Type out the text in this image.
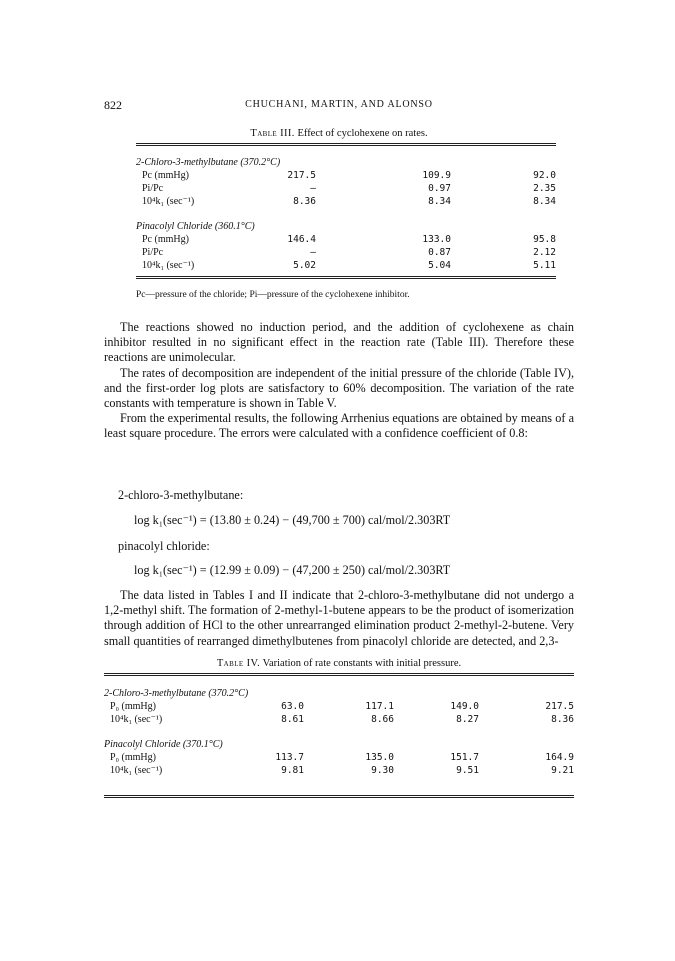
822	CHUCHANI, MARTIN, AND ALONSO
Table III. Effect of cyclohexene on rates.
2-Chloro-3-methylbutane (370.2°C)			
Pc (mmHg)	217.5	109.9	92.0
Pi/Pc	—	0.97	2.35
10⁴k₁ (sec⁻¹)	8.36	8.34	8.34

Pinacolyl Chloride (360.1°C)			
Pc (mmHg)	146.4	133.0	95.8
Pi/Pc	—	0.87	2.12
10⁴k₁ (sec⁻¹)	5.02	5.04	5.11
Pc—pressure of the chloride; Pi—pressure of the cyclohexene inhibitor.

The reactions showed no induction period, and the addition of cyclohexene as chain inhibitor resulted in no significant effect in the reaction rate (Table III). Therefore these reactions are unimolecular.

The rates of decomposition are independent of the initial pressure of the chloride (Table IV), and the first-order log plots are satisfactory to 60% decomposition. The variation of the rate constants with temperature is shown in Table V.

From the experimental results, the following Arrhenius equations are obtained by means of a least square procedure. The errors were calculated with a confidence coefficient of 0.8:

2-chloro-3-methylbutane:
log k₁(sec⁻¹) = (13.80 ± 0.24) − (49,700 ± 700) cal/mol/2.303RT
pinacolyl chloride:
log k₁(sec⁻¹) = (12.99 ± 0.09) − (47,200 ± 250) cal/mol/2.303RT

The data listed in Tables I and II indicate that 2-chloro-3-methylbutane did not undergo a 1,2-methyl shift. The formation of 2-methyl-1-butene appears to be the product of isomerization through addition of HCl to the other unrearranged elimination product 2-methyl-2-butene. Very small quantities of rearranged dimethylbutenes from pinacolyl chloride are detected, and 2,3-

Table IV. Variation of rate constants with initial pressure.
2-Chloro-3-methylbutane (370.2°C)				
P₀ (mmHg)	63.0	117.1	149.0	217.5
10⁴k₁ (sec⁻¹)	8.61	8.66	8.27	8.36

Pinacolyl Chloride (370.1°C)				
P₀ (mmHg)	113.7	135.0	151.7	164.9
10⁴k₁ (sec⁻¹)	9.81	9.30	9.51	9.21
